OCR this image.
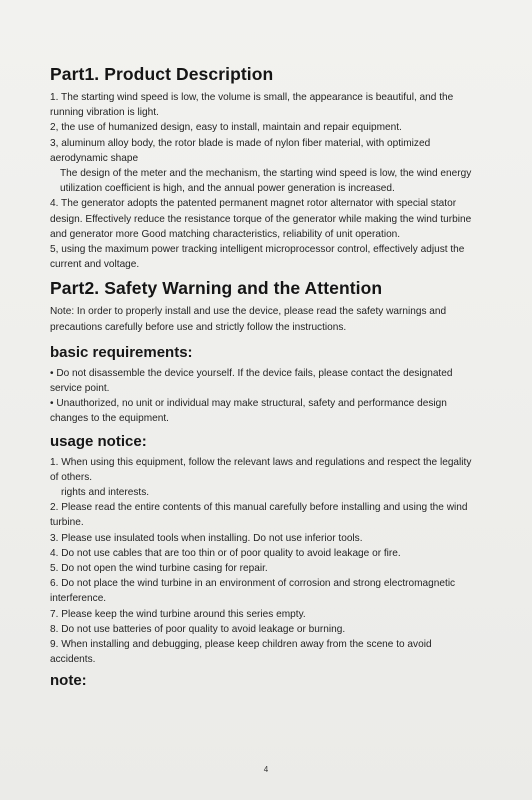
Part1. Product Description
1. The starting wind speed is low, the volume is small, the appearance is beautiful, and the running vibration is light.
2, the use of humanized design, easy to install, maintain and repair equipment.
3, aluminum alloy body, the rotor blade is made of nylon fiber material, with optimized aerodynamic shape
The design of the meter and the mechanism, the starting wind speed is low, the wind energy utilization coefficient is high, and the annual power generation is increased.
4. The generator adopts the patented permanent magnet rotor alternator with special stator design. Effectively reduce the resistance torque of the generator while making the wind turbine and generator more Good matching characteristics, reliability of unit operation.
5, using the maximum power tracking intelligent microprocessor control, effectively adjust the current and voltage.
Part2. Safety Warning and the Attention

Note: In order to properly install and use the device, please read the safety warnings and precautions carefully before use and strictly follow the instructions.

basic requirements:
• Do not disassemble the device yourself. If the device fails, please contact the designated service point.
• Unauthorized, no unit or individual may make structural, safety and performance design changes to the equipment.
usage notice:
1. When using this equipment, follow the relevant laws and regulations and respect the legality of others.
rights and interests.
2. Please read the entire contents of this manual carefully before installing and using the wind turbine.
3. Please use insulated tools when installing. Do not use inferior tools.
4. Do not use cables that are too thin or of poor quality to avoid leakage or fire.
5. Do not open the wind turbine casing for repair.
6. Do not place the wind turbine in an environment of corrosion and strong electromagnetic interference.
7. Please keep the wind turbine around this series empty.
8. Do not use batteries of poor quality to avoid leakage or burning.
9. When installing and debugging, please keep children away from the scene to avoid accidents.
note:
4
